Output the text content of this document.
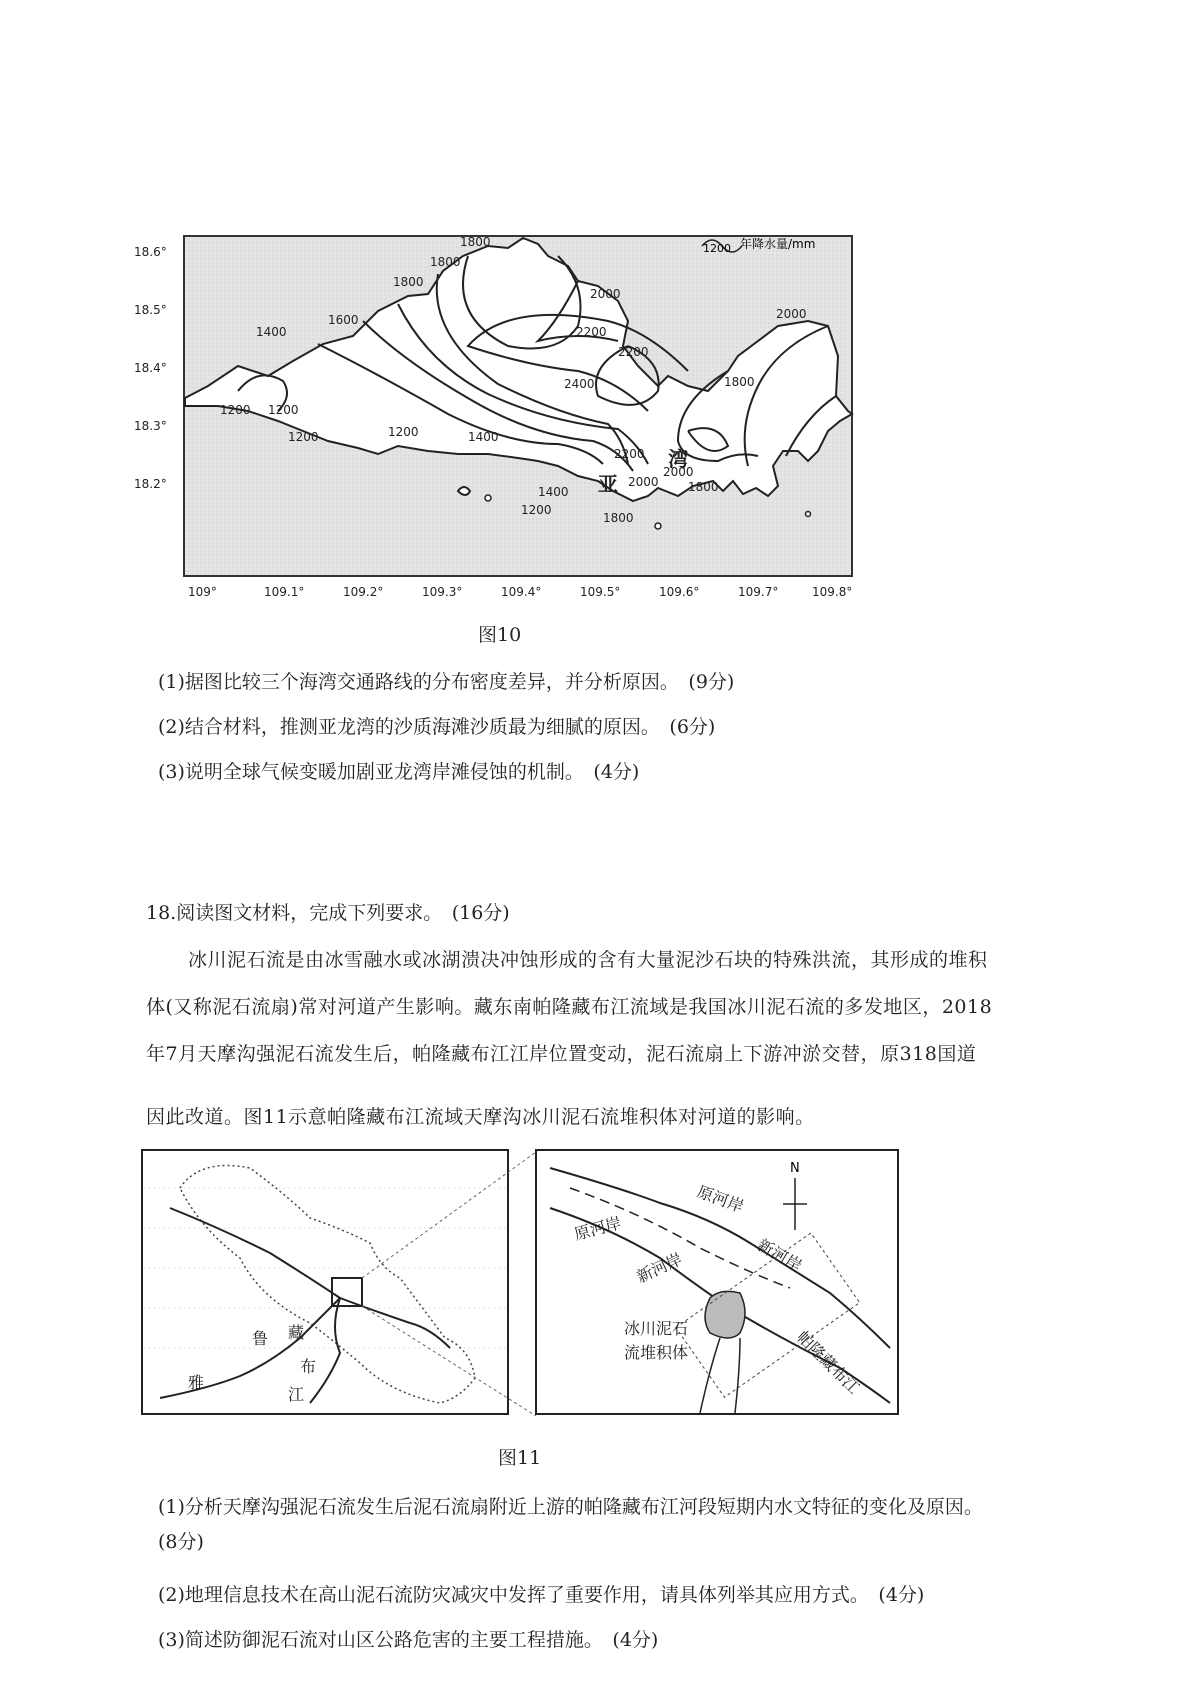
1800
1800
1800
2000
2000
1600
1400	2200
2200
2400
1200 1200
1200	1200	1400
2200
2000
2000
1800
1800
1400
1200
1800
亚
湾
1200 年降水量/mm
18.6°
18.5°
18.4°
18.3°
18.2°
109°	109.1°	109.2°	109.3°	109.4°	109.5°	109.6°	109.7°	109.8°
图10
(1)据图比较三个海湾交通路线的分布密度差异，并分析原因。　(9分)
(2)结合材料，推测亚龙湾的沙质海滩沙质最为细腻的原因。　(6分)
(3)说明全球气候变暖加剧亚龙湾岸滩侵蚀的机制。　(4分)
18.阅读图文材料，完成下列要求。　(16分)
冰川泥石流是由冰雪融水或冰湖溃决冲蚀形成的含有大量泥沙石块的特殊洪流，其形成的堆积
体(又称泥石流扇)常对河道产生影响。藏东南帕隆藏布江流域是我国冰川泥石流的多发地区，2018
年7月天摩沟强泥石流发生后，帕隆藏布江江岸位置变动，泥石流扇上下游冲淤交替，原318国道
因此改道。图11示意帕隆藏布江流域天摩沟冰川泥石流堆积体对河道的影响。
雅
鲁 藏
布
江
N
原河岸
原河岸
新河岸	新河岸
冰川泥石
流堆积体	帕隆藏布江
图11
(1)分析天摩沟强泥石流发生后泥石流扇附近上游的帕隆藏布江河段短期内水文特征的变化及原因。
(8分)
(2)地理信息技术在高山泥石流防灾减灾中发挥了重要作用，请具体列举其应用方式。　(4分)
(3)简述防御泥石流对山区公路危害的主要工程措施。　(4分)
